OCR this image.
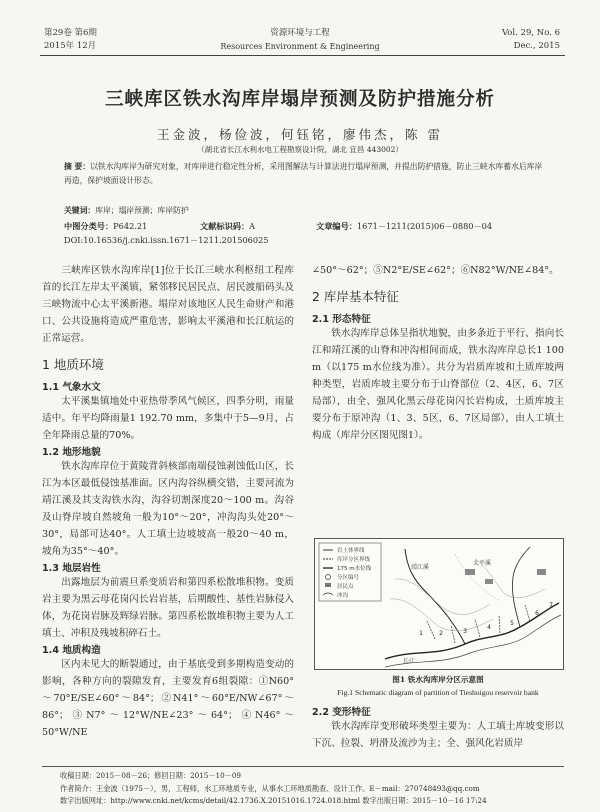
第29卷 第6期
2015年 12月
资源环境与工程
Resources Environment & Engineering
Vol. 29, No. 6
Dec., 2015
三峡库区铁水沟库岸塌岸预测及防护措施分析
王金波，杨俭波，何钰铭，廖伟杰，陈 雷
（湖北省长江水利水电工程勘察设计院，湖北 宜昌 443002）
摘 要：以铁水沟库岸为研究对象，对库岸进行稳定性分析，采用图解法与计算法进行塌岸预测，并提出防护措施，防止三峡水库蓄水后库岸再造，保护坡面设计形态。
关键词：库岸；塌岸预测；库岸防护
中图分类号：P642.21	文献标识码：A	文章编号：1671－1211(2015)06－0880－04
DOI:10.16536/j.cnki.issn.1671－1211.201506025
三峡库区铁水沟库岸[1]位于长江三峡水利枢纽工程库首的长江左岸太平溪镇，紧邻移民居民点、居民渡船码头及三峡物流中心太平溪新港。塌岸对该地区人民生命财产和港口、公共设施将造成严重危害，影响太平溪港和长江航运的正常运营。
1 地质环境
1.1 气象水文
太平溪集镇地处中亚热带季风气候区，四季分明，雨量适中。年平均降雨量1 192.70 mm，多集中于5—9月，占全年降雨总量的70%。
1.2 地形地貌
铁水沟库岸位于黄陵背斜核部南端侵蚀剥蚀低山区，长江为本区最低侵蚀基准面。区内沟谷纵横交错，主要河流为靖江溪及其支沟铁水沟，沟谷切割深度20～100 m。沟谷及山脊岸坡自然坡角一般为10°～20°，冲沟沟头处20°～30°，局部可达40°。人工填土边坡坡高一般20～40 m，坡角为35°～40°。
1.3 地层岩性
出露地层为前震旦系变质岩和第四系松散堆积物。变质岩主要为黑云母花岗闪长岩岩基，后期酸性、基性岩脉侵入体，为花岗岩脉及辉绿岩脉。第四系松散堆积物主要为人工填土、冲积及残坡积碎石土。
1.4 地质构造
区内未见大的断裂通过，由于基底受到多期构造变动的影响，各种方向的裂隙发育，主要发育6组裂隙：①N60°～70°E/SE∠60°～84°；②N41°～60°E/NW∠67°～86°；③N7°～12°W/NE∠23°～64°；④N46°～50°W/NE
∠50°～62°；⑤N2°E/SE∠62°；⑥N82°W/NE∠84°。
2 库岸基本特征
2.1 形态特征
铁水沟库岸总体呈指状地貌，由多条近于平行、指向长江和靖江溪的山脊和冲沟相间而成，铁水沟库岸总长1 100 m（以175 m水位线为准）。共分为岩质库坡和土质库坡两种类型，岩质库坡主要分布于山脊部位（2、4区，6、7区局部），由全、强风化黑云母花岗闪长岩构成，土质库坡主要分布于原冲沟（1、3、5区，6、7区局部），由人工填土构成（库岸分区图见图1）。
岩土体界线
库岸分区界线
175 m水位线
分区编号
居民点
冲沟
1	2	3
4
5
6
7
长江
太平溪
靖江溪
图1 铁水沟库岸分区示意图
Fig.1 Schematic diagram of partition of Tieshuigou reservoir bank
2.2 变形特征
铁水沟库岸变形破坏类型主要为：人工填土库坡变形以下沉、拉裂、坍滑及流沙为主；全、强风化岩质岸
收稿日期：2015－08－26；修回日期：2015－10－09
作者简介：王金波（1975－），男，工程师，水工环地质专业，从事水工环地质勘查、设计工作。E－mail：270748493@qq.com
数字出版网址：http://www.cnki.net/kcms/detail/42.1736.X.20151016.1724.018.html 数字出版日期：2015－10－16 17:24
